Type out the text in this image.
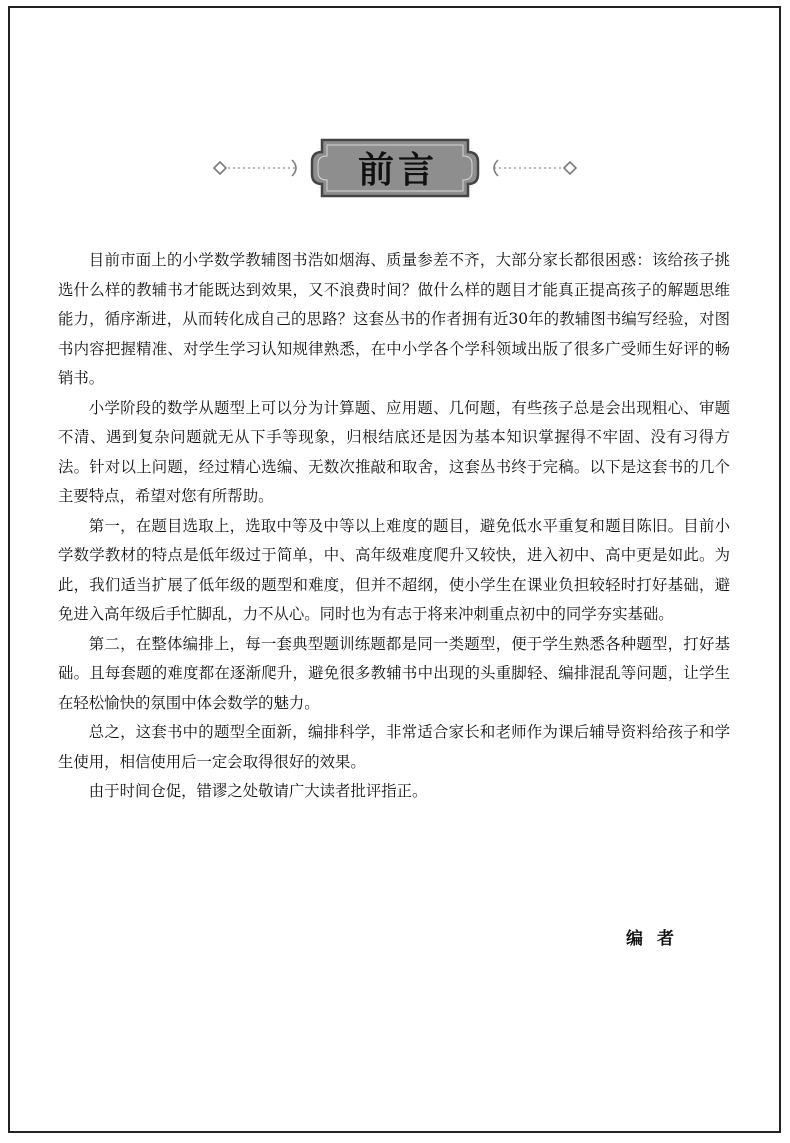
前言

目前市面上的小学数学教辅图书浩如烟海、质量参差不齐，大部分家长都很困惑：该给孩子挑选什么样的教辅书才能既达到效果，又不浪费时间？做什么样的题目才能真正提高孩子的解题思维能力，循序渐进，从而转化成自己的思路？这套丛书的作者拥有近30年的教辅图书编写经验，对图书内容把握精准、对学生学习认知规律熟悉，在中小学各个学科领域出版了很多广受师生好评的畅销书。

小学阶段的数学从题型上可以分为计算题、应用题、几何题，有些孩子总是会出现粗心、审题不清、遇到复杂问题就无从下手等现象，归根结底还是因为基本知识掌握得不牢固、没有习得方法。针对以上问题，经过精心选编、无数次推敲和取舍，这套丛书终于完稿。以下是这套书的几个主要特点，希望对您有所帮助。

第一，在题目选取上，选取中等及中等以上难度的题目，避免低水平重复和题目陈旧。目前小学数学教材的特点是低年级过于简单，中、高年级难度爬升又较快，进入初中、高中更是如此。为此，我们适当扩展了低年级的题型和难度，但并不超纲，使小学生在课业负担较轻时打好基础，避免进入高年级后手忙脚乱，力不从心。同时也为有志于将来冲刺重点初中的同学夯实基础。

第二，在整体编排上，每一套典型题训练题都是同一类题型，便于学生熟悉各种题型，打好基础。且每套题的难度都在逐渐爬升，避免很多教辅书中出现的头重脚轻、编排混乱等问题，让学生在轻松愉快的氛围中体会数学的魅力。

总之，这套书中的题型全面新，编排科学，非常适合家长和老师作为课后辅导资料给孩子和学生使用，相信使用后一定会取得很好的效果。

由于时间仓促，错谬之处敬请广大读者批评指正。

编者
